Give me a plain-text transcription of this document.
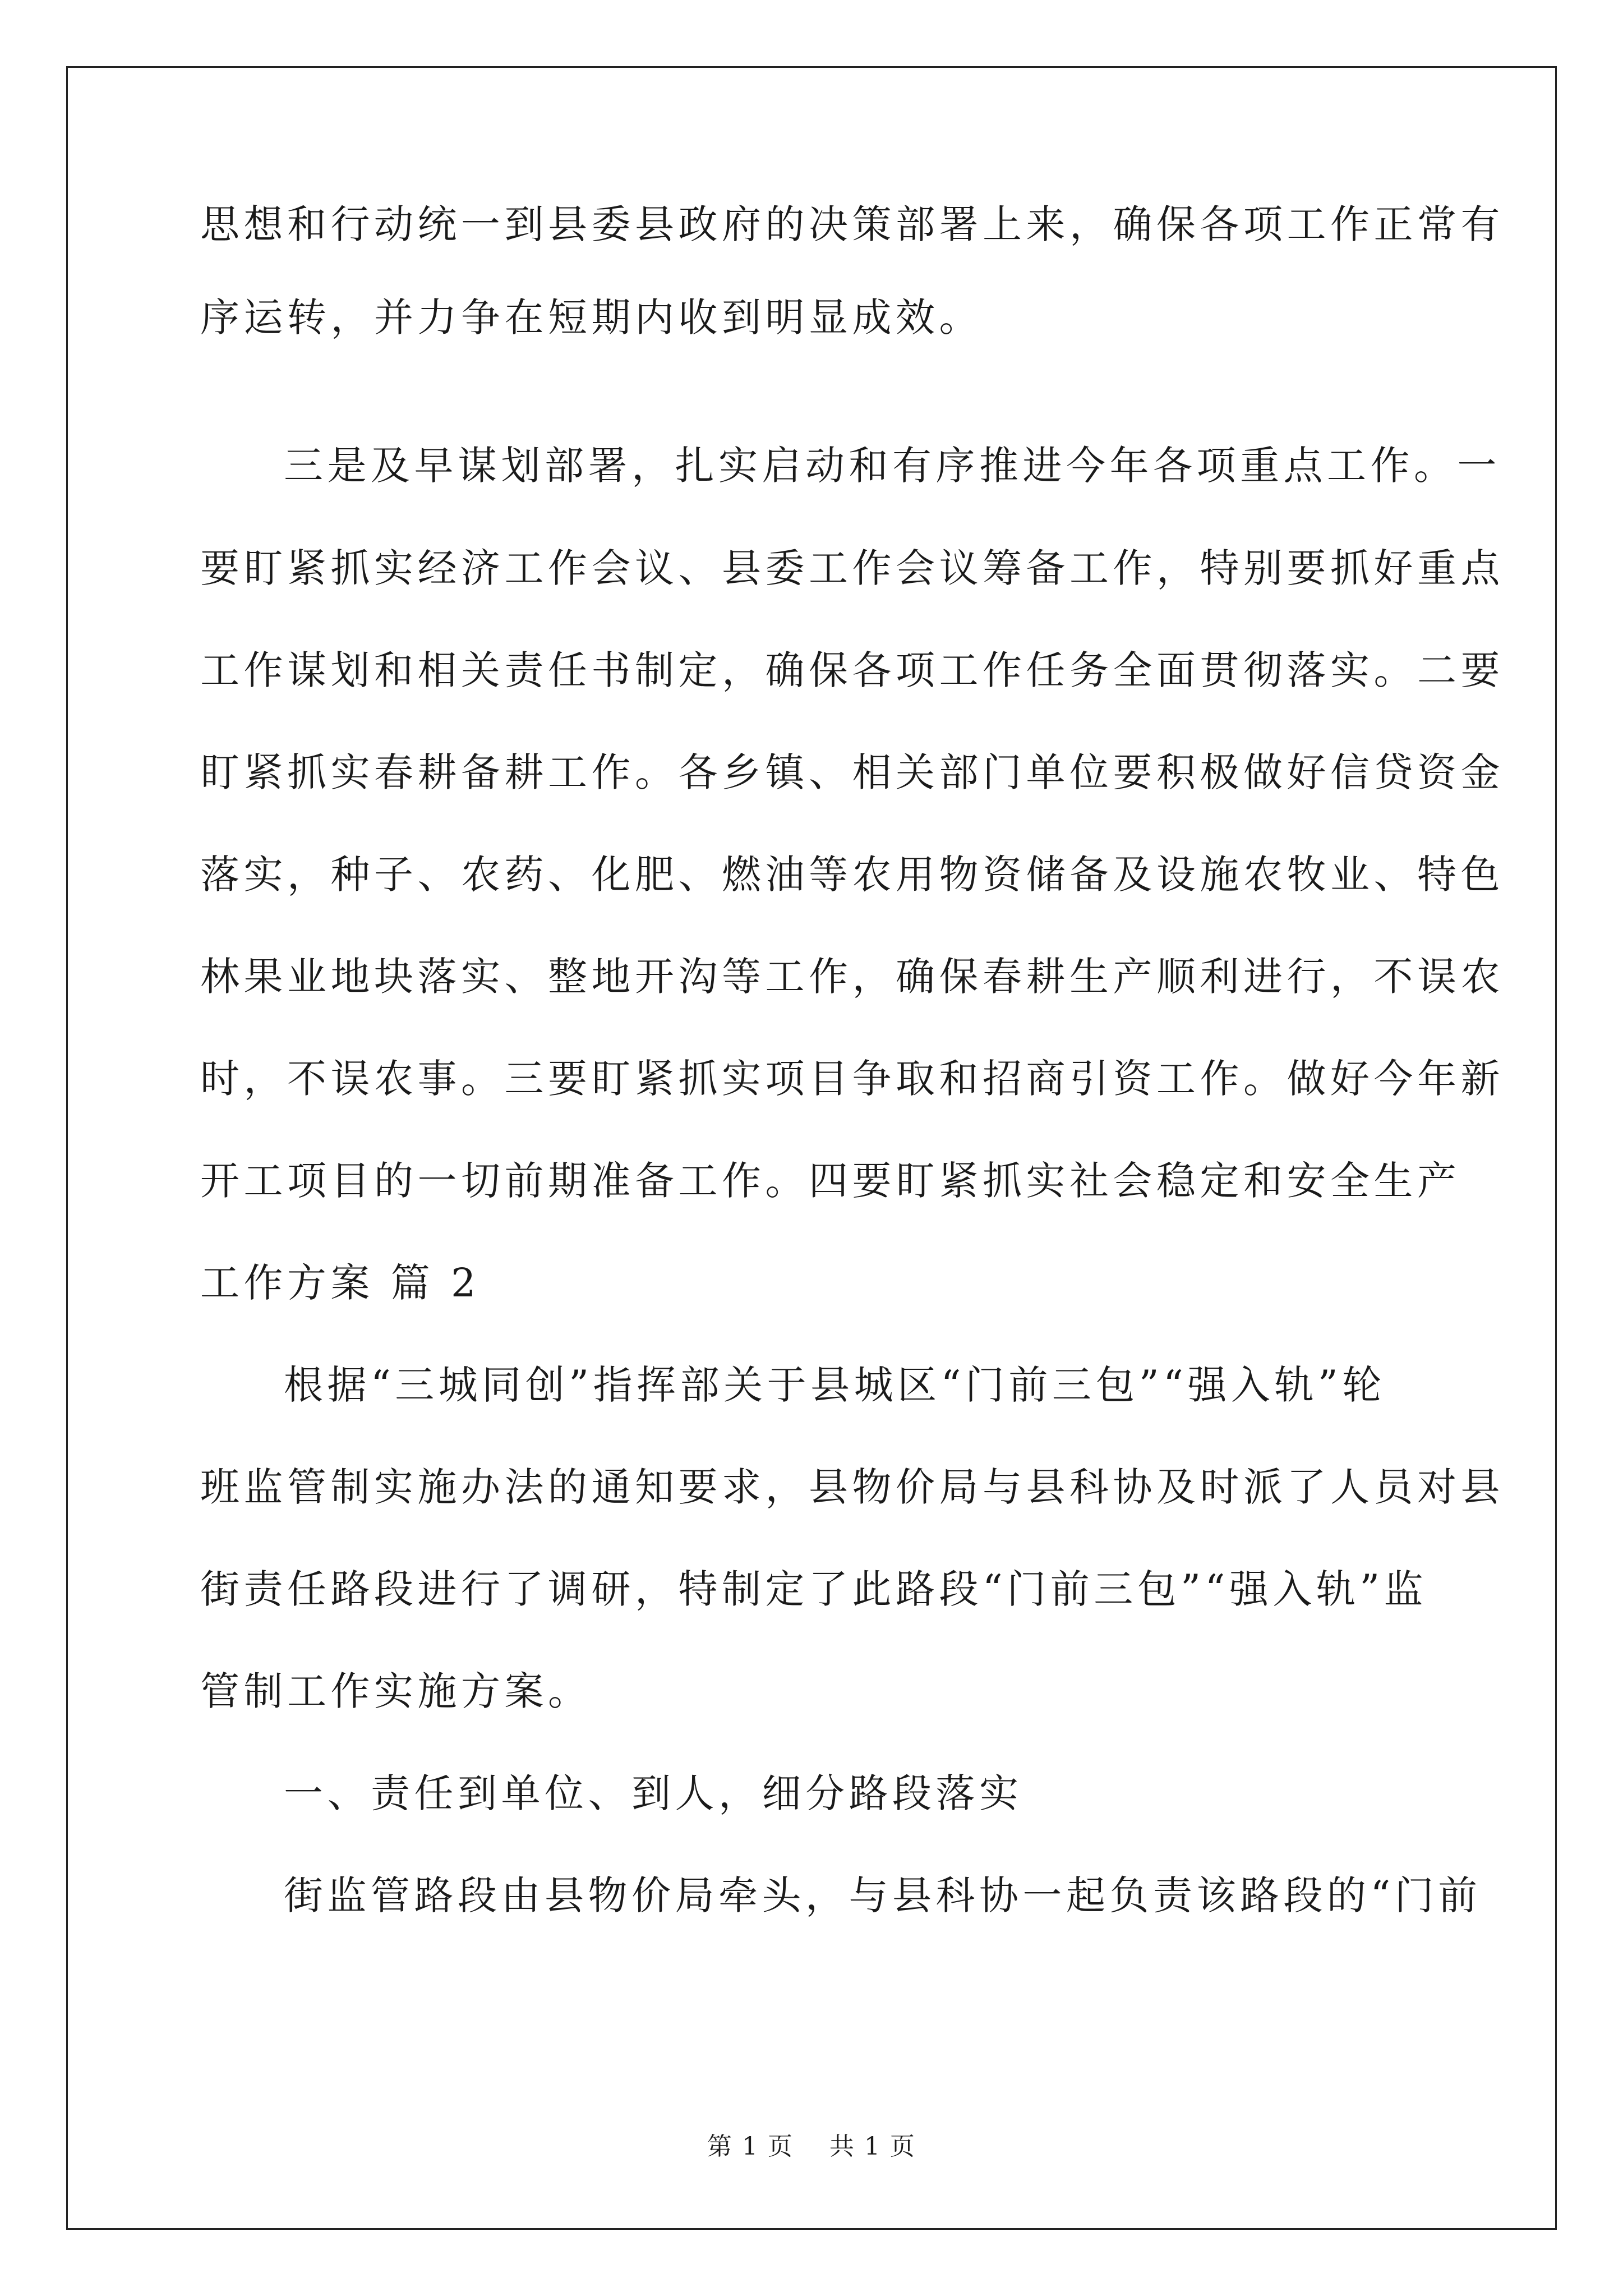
思想和行动统一到县委县政府的决策部署上来，确保各项工作正常有
序运转，并力争在短期内收到明显成效。
三是及早谋划部署，扎实启动和有序推进今年各项重点工作。一
要盯紧抓实经济工作会议、县委工作会议筹备工作，特别要抓好重点
工作谋划和相关责任书制定，确保各项工作任务全面贯彻落实。二要
盯紧抓实春耕备耕工作。各乡镇、相关部门单位要积极做好信贷资金
落实，种子、农药、化肥、燃油等农用物资储备及设施农牧业、特色
林果业地块落实、整地开沟等工作，确保春耕生产顺利进行，不误农
时，不误农事。三要盯紧抓实项目争取和招商引资工作。做好今年新
开工项目的一切前期准备工作。四要盯紧抓实社会稳定和安全生产
工作方案 篇 2
根据“三城同创”指挥部关于县城区“门前三包”“强入轨”轮
班监管制实施办法的通知要求，县物价局与县科协及时派了人员对县
街责任路段进行了调研，特制定了此路段“门前三包”“强入轨”监
管制工作实施方案。
一、责任到单位、到人，细分路段落实
街监管路段由县物价局牵头，与县科协一起负责该路段的“门前
第 1 页    共 1 页
